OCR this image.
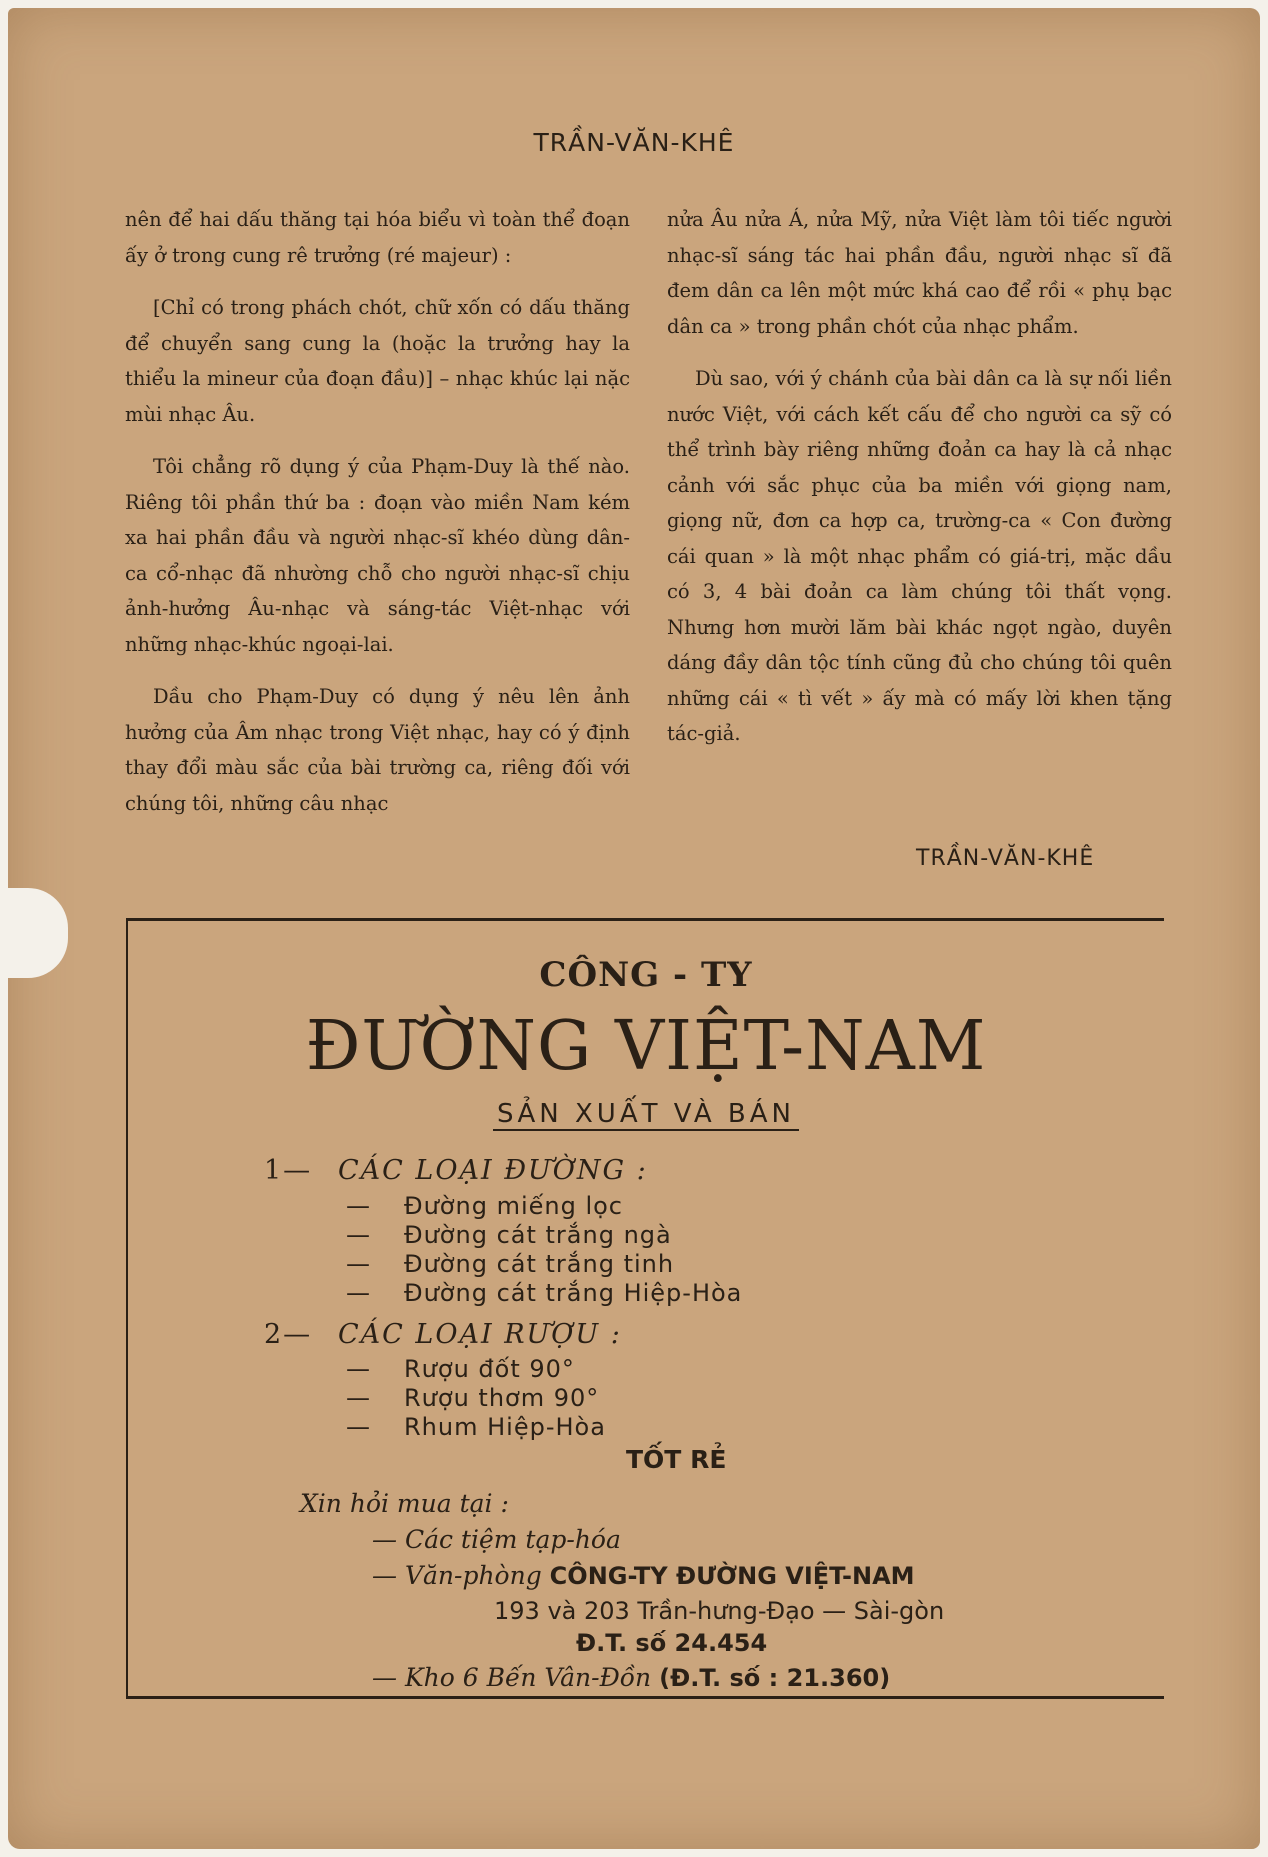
TRẦN-VĂN-KHÊ

nên để hai dấu thăng tại hóa biểu vì toàn thể đoạn ấy ở trong cung rê trưởng (ré majeur) :

[Chỉ có trong phách chót, chữ xốn có dấu thăng để chuyển sang cung la (hoặc la trưởng hay la thiểu la mineur của đoạn đầu)] – nhạc khúc lại nặc mùi nhạc Âu.

Tôi chẳng rõ dụng ý của Phạm-Duy là thế nào. Riêng tôi phần thứ ba : đoạn vào miền Nam kém xa hai phần đầu và người nhạc-sĩ khéo dùng dân-ca cổ-nhạc đã nhường chỗ cho người nhạc-sĩ chịu ảnh-hưởng Âu-nhạc và sáng-tác Việt-nhạc với những nhạc-khúc ngoại-lai.

Dầu cho Phạm-Duy có dụng ý nêu lên ảnh hưởng của Âm nhạc trong Việt nhạc, hay có ý định thay đổi màu sắc của bài trường ca, riêng đối với chúng tôi, những câu nhạc

nửa Âu nửa Á, nửa Mỹ, nửa Việt làm tôi tiếc người nhạc-sĩ sáng tác hai phần đầu, người nhạc sĩ đã đem dân ca lên một mức khá cao để rồi « phụ bạc dân ca » trong phần chót của nhạc phẩm.

Dù sao, với ý chánh của bài dân ca là sự nối liền nước Việt, với cách kết cấu để cho người ca sỹ có thể trình bày riêng những đoản ca hay là cả nhạc cảnh với sắc phục của ba miền với giọng nam, giọng nữ, đơn ca hợp ca, trường-ca « Con đường cái quan » là một nhạc phẩm có giá-trị, mặc dầu có 3, 4 bài đoản ca làm chúng tôi thất vọng. Nhưng hơn mười lăm bài khác ngọt ngào, duyên dáng đầy dân tộc tính cũng đủ cho chúng tôi quên những cái « tì vết » ấy mà có mấy lời khen tặng tác-giả.

TRẦN-VĂN-KHÊ
CÔNG - TY
ĐƯỜNG VIỆT-NAM
SẢN XUẤT VÀ BÁN
1— CÁC LOẠI ĐƯỜNG :
— Đường miếng lọc
— Đường cát trắng ngà
— Đường cát trắng tinh
— Đường cát trắng Hiệp-Hòa
2— CÁC LOẠI RƯỢU :
— Rượu đốt 90°
— Rượu thơm 90°
— Rhum Hiệp-Hòa
TỐT RẺ
Xin hỏi mua tại :
— Các tiệm tạp-hóa
— Văn-phòng CÔNG-TY ĐƯỜNG VIỆT-NAM
193 và 203 Trần-hưng-Đạo — Sài-gòn
Đ.T. số 24.454
— Kho 6 Bến Vân-Đồn (Đ.T. số : 21.360)
